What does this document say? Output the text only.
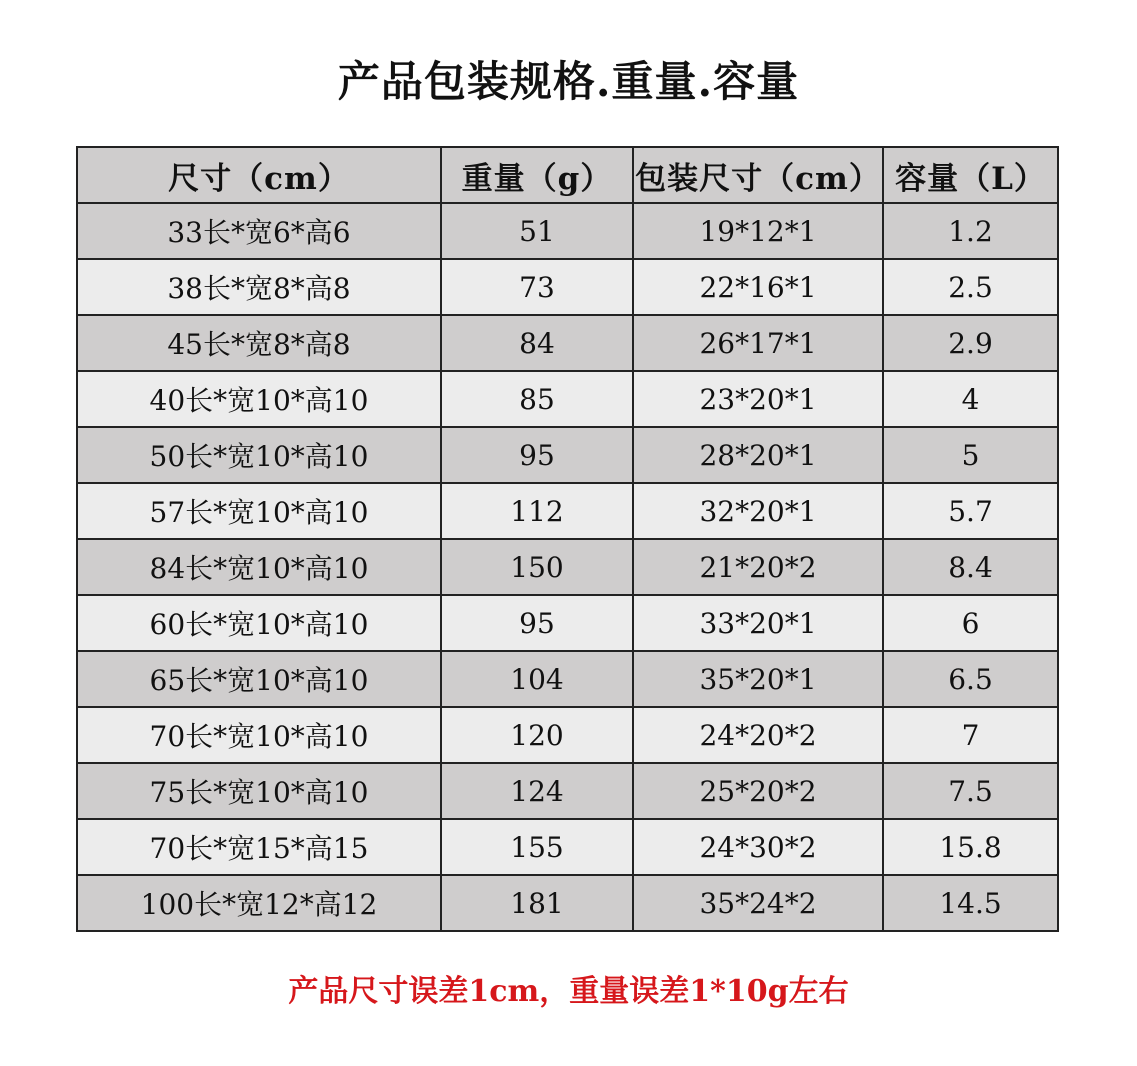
产品包装规格.重量.容量
尺寸（cm）	重量（g）	包装尺寸（cm）	容量（L）
33长*宽6*高6	51	19*12*1	1.2
38长*宽8*高8	73	22*16*1	2.5
45长*宽8*高8	84	26*17*1	2.9
40长*宽10*高10	85	23*20*1	4
50长*宽10*高10	95	28*20*1	5
57长*宽10*高10	112	32*20*1	5.7
84长*宽10*高10	150	21*20*2	8.4
60长*宽10*高10	95	33*20*1	6
65长*宽10*高10	104	35*20*1	6.5
70长*宽10*高10	120	24*20*2	7
75长*宽10*高10	124	25*20*2	7.5
70长*宽15*高15	155	24*30*2	15.8
100长*宽12*高12	181	35*24*2	14.5
产品尺寸误差1cm，重量误差1*10g左右
